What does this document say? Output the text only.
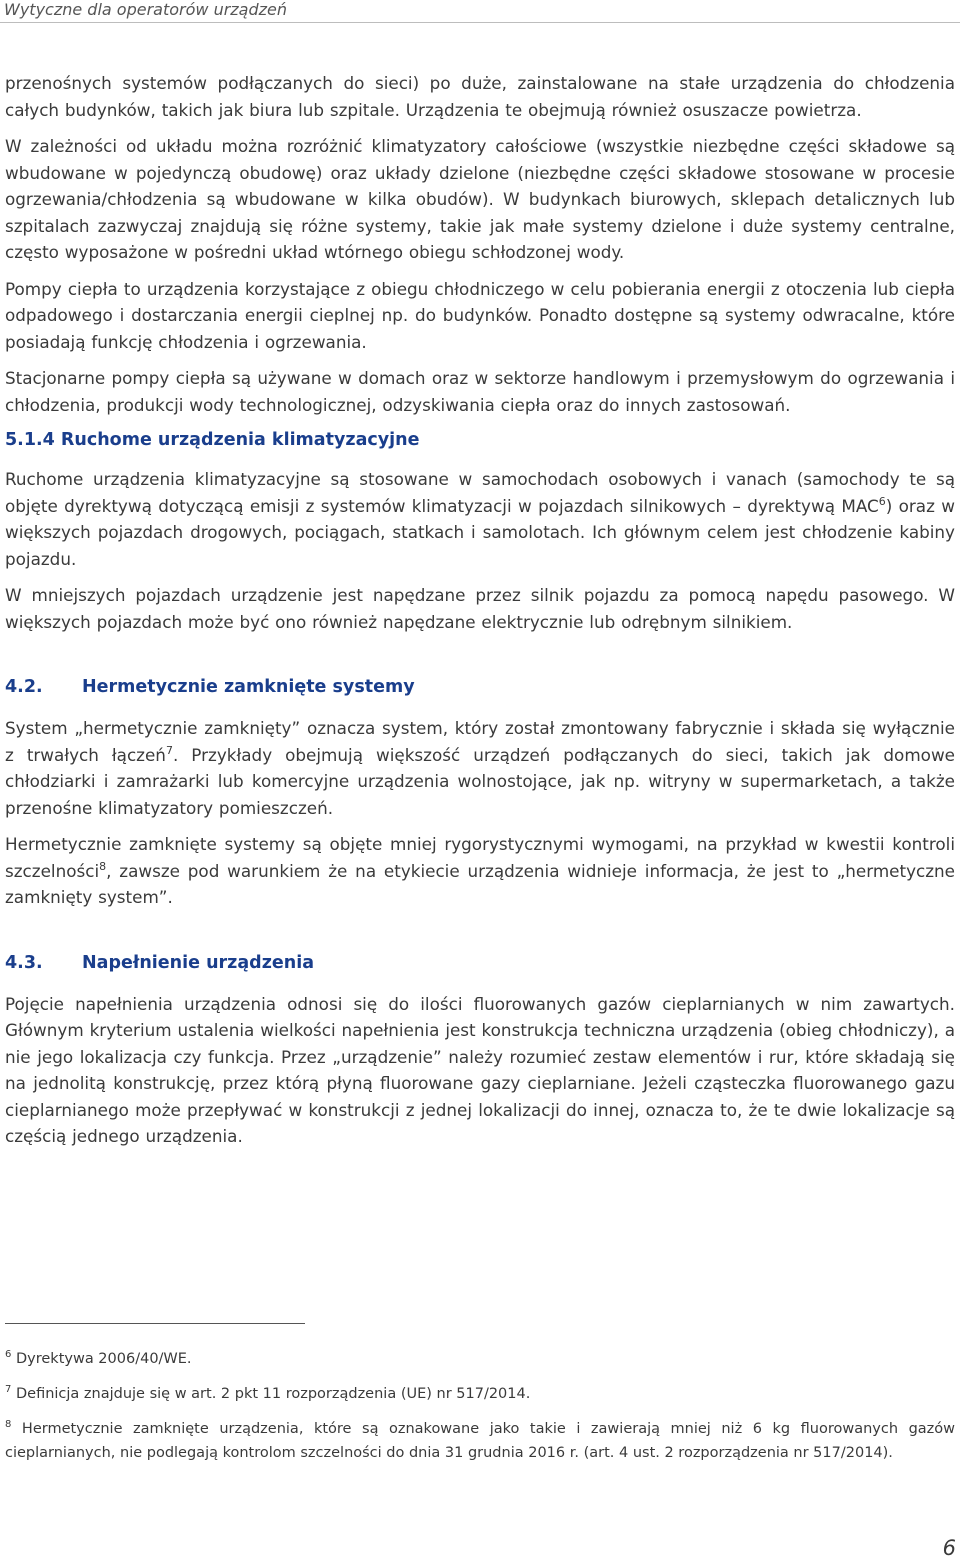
Wytyczne dla operatorów urządzeń

przenośnych systemów podłączanych do sieci) po duże, zainstalowane na stałe urządzenia do chłodzenia całych budynków, takich jak biura lub szpitale. Urządzenia te obejmują również osuszacze powietrza.

W zależności od układu można rozróżnić klimatyzatory całościowe (wszystkie niezbędne części składowe są wbudowane w pojedynczą obudowę) oraz układy dzielone (niezbędne części składowe stosowane w procesie ogrzewania/chłodzenia są wbudowane w kilka obudów). W budynkach biurowych, sklepach detalicznych lub szpitalach zazwyczaj znajdują się różne systemy, takie jak małe systemy dzielone i duże systemy centralne, często wyposażone w pośredni układ wtórnego obiegu schłodzonej wody.

Pompy ciepła to urządzenia korzystające z obiegu chłodniczego w celu pobierania energii z otoczenia lub ciepła odpadowego i dostarczania energii cieplnej np. do budynków. Ponadto dostępne są systemy odwracalne, które posiadają funkcję chłodzenia i ogrzewania.

Stacjonarne pompy ciepła są używane w domach oraz w sektorze handlowym i przemysłowym do ogrzewania i chłodzenia, produkcji wody technologicznej, odzyskiwania ciepła oraz do innych zastosowań.

5.1.4 Ruchome urządzenia klimatyzacyjne

Ruchome urządzenia klimatyzacyjne są stosowane w samochodach osobowych i vanach (samochody te są objęte dyrektywą dotyczącą emisji z systemów klimatyzacji w pojazdach silnikowych – dyrektywą MAC$^6$) oraz w większych pojazdach drogowych, pociągach, statkach i samolotach. Ich głównym celem jest chłodzenie kabiny pojazdu.

W mniejszych pojazdach urządzenie jest napędzane przez silnik pojazdu za pomocą napędu pasowego. W większych pojazdach może być ono również napędzane elektrycznie lub odrębnym silnikiem.

4.2. Hermetycznie zamknięte systemy

System „hermetycznie zamknięty” oznacza system, który został zmontowany fabrycznie i składa się wyłącznie z trwałych łączeń$^7$. Przykłady obejmują większość urządzeń podłączanych do sieci, takich jak domowe chłodziarki i zamrażarki lub komercyjne urządzenia wolnostojące, jak np. witryny w supermarketach, a także przenośne klimatyzatory pomieszczeń.

Hermetycznie zamknięte systemy są objęte mniej rygorystycznymi wymogami, na przykład w kwestii kontroli szczelności$^8$, zawsze pod warunkiem że na etykiecie urządzenia widnieje informacja, że jest to „hermetyczne zamknięty system”.

4.3. Napełnienie urządzenia

Pojęcie napełnienia urządzenia odnosi się do ilości fluorowanych gazów cieplarnianych w nim zawartych. Głównym kryterium ustalenia wielkości napełnienia jest konstrukcja techniczna urządzenia (obieg chłodniczy), a nie jego lokalizacja czy funkcja. Przez „urządzenie” należy rozumieć zestaw elementów i rur, które składają się na jednolitą konstrukcję, przez którą płyną fluorowane gazy cieplarniane. Jeżeli cząsteczka fluorowanego gazu cieplarnianego może przepływać w konstrukcji z jednej lokalizacji do innej, oznacza to, że te dwie lokalizacje są częścią jednego urządzenia.

$^6$ Dyrektywa 2006/40/WE.
$^7$ Definicja znajduje się w art. 2 pkt 11 rozporządzenia (UE) nr 517/2014.
$^8$ Hermetycznie zamknięte urządzenia, które są oznakowane jako takie i zawierają mniej niż 6 kg fluorowanych gazów cieplarnianych, nie podlegają kontrolom szczelności do dnia 31 grudnia 2016 r. (art. 4 ust. 2 rozporządzenia nr 517/2014).
6
